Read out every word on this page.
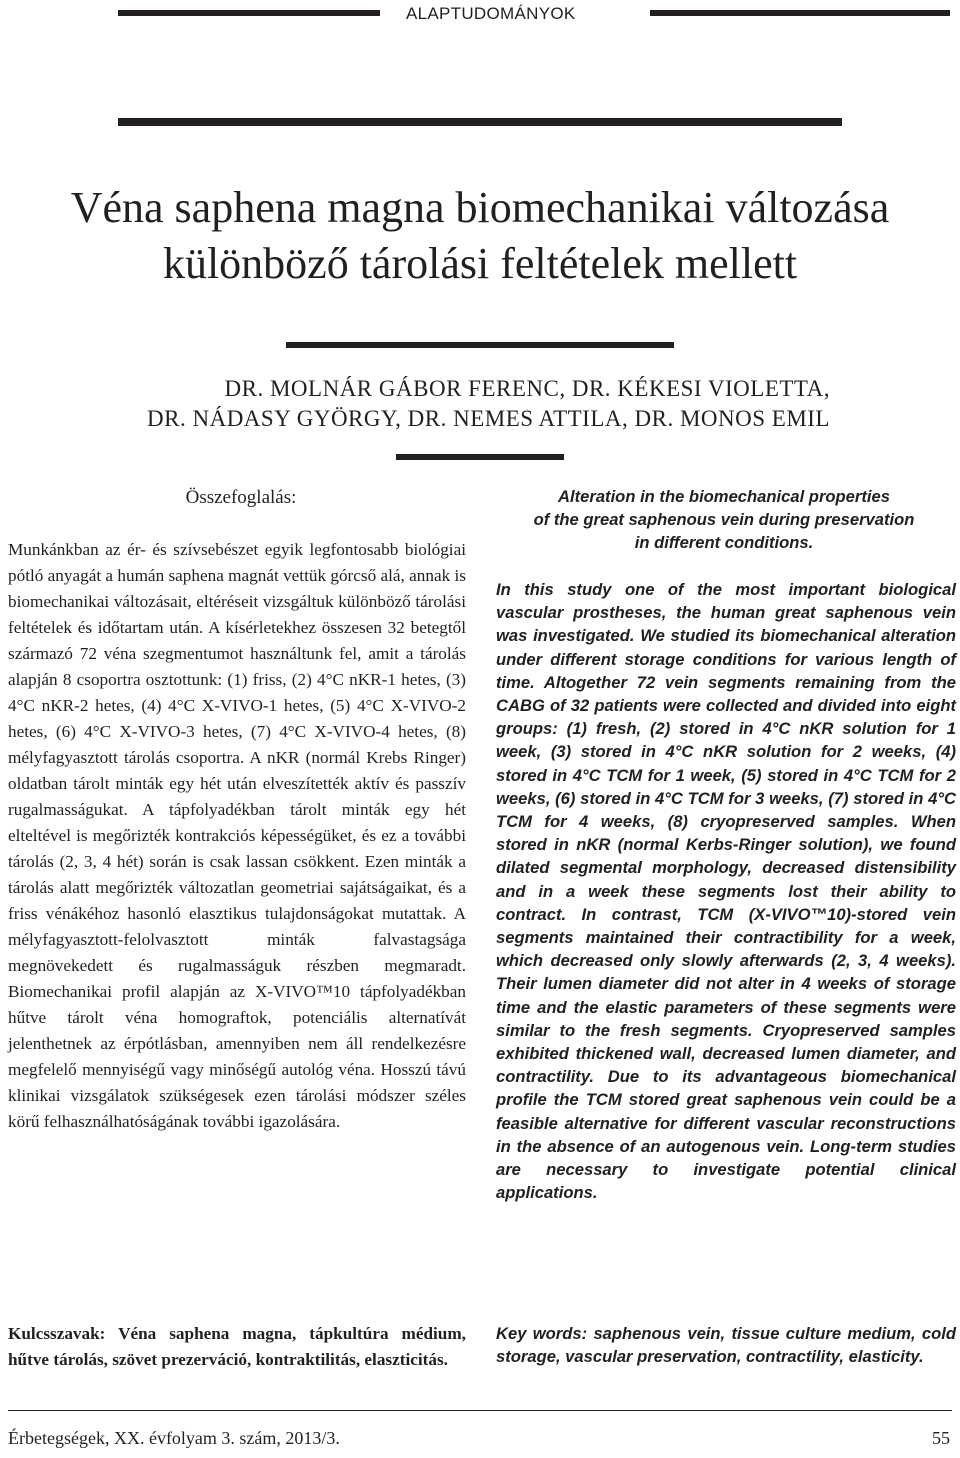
ALAPTUDOMÁNYOK
Véna saphena magna biomechanikai változása
különböző tárolási feltételek mellett
DR. MOLNÁR GÁBOR FERENC, DR. KÉKESI VIOLETTA,
DR. NÁDASY GYÖRGY, DR. NEMES ATTILA, DR. MONOS EMIL
Összefoglalás:
Munkánkban az ér- és szívsebészet egyik legfontosabb biológiai pótló anyagát a humán saphena magnát vettük górcső alá, annak is biomechanikai változásait, eltéréseit vizsgáltuk különböző tárolási feltételek és időtartam után. A kísérletekhez összesen 32 betegtől származó 72 véna szegmentumot használtunk fel, amit a tárolás alapján 8 csoportra osztottunk: (1) friss, (2) 4°C nKR-1 hetes, (3) 4°C nKR-2 hetes, (4) 4°C X-VIVO-1 hetes, (5) 4°C X-VIVO-2 hetes, (6) 4°C X-VIVO-3 hetes, (7) 4°C X-VIVO-4 hetes, (8) mélyfagyasztott tárolás csoportra. A nKR (normál Krebs Ringer) oldatban tárolt minták egy hét után elveszítették aktív és passzív rugalmasságukat. A tápfolyadékban tárolt minták egy hét elteltével is megőrizték kontrakciós képességüket, és ez a további tárolás (2, 3, 4 hét) során is csak lassan csökkent. Ezen minták a tárolás alatt megőrizték változatlan geometriai sajátságaikat, és a friss vénákéhoz hasonló elasztikus tulajdonságokat mutattak. A mélyfagyasztott-felolvasztott minták falvastagsága megnövekedett és rugalmasságuk részben megmaradt. Biomechanikai profil alapján az X-VIVO™10 tápfolyadékban hűtve tárolt véna homograftok, potenciális alternatívát jelenthetnek az érpótlásban, amennyiben nem áll rendelkezésre megfelelő mennyiségű vagy minőségű autológ véna. Hosszú távú klinikai vizsgálatok szükségesek ezen tárolási módszer széles körű felhasználhatóságának további igazolására.
Kulcsszavak: Véna saphena magna, tápkultúra médium, hűtve tárolás, szövet prezerváció, kontraktilitás, elaszticitás.
Alteration in the biomechanical properties
of the great saphenous vein during preservation
in different conditions.
In this study one of the most important biological vascular prostheses, the human great saphenous vein was investigated. We studied its biomechanical alteration under different storage conditions for various length of time. Altogether 72 vein segments remaining from the CABG of 32 patients were collected and divided into eight groups: (1) fresh, (2) stored in 4°C nKR solution for 1 week, (3) stored in 4°C nKR solution for 2 weeks, (4) stored in 4°C TCM for 1 week, (5) stored in 4°C TCM for 2 weeks, (6) stored in 4°C TCM for 3 weeks, (7) stored in 4°C TCM for 4 weeks, (8) cryopreserved samples. When stored in nKR (normal Kerbs-Ringer solution), we found dilated segmental morphology, decreased distensibility and in a week these segments lost their ability to contract. In contrast, TCM (X-VIVO™10)-stored vein segments maintained their contractibility for a week, which decreased only slowly afterwards (2, 3, 4 weeks). Their lumen diameter did not alter in 4 weeks of storage time and the elastic parameters of these segments were similar to the fresh segments. Cryopreserved samples exhibited thickened wall, decreased lumen diameter, and contractility. Due to its advantageous biomechanical profile the TCM stored great saphenous vein could be a feasible alternative for different vascular reconstructions in the absence of an autogenous vein. Long-term studies are necessary to investigate potential clinical applications.
Key words: saphenous vein, tissue culture medium, cold storage, vascular preservation, contractility, elasticity.
Érbetegségek, XX. évfolyam 3. szám, 2013/3.	55
